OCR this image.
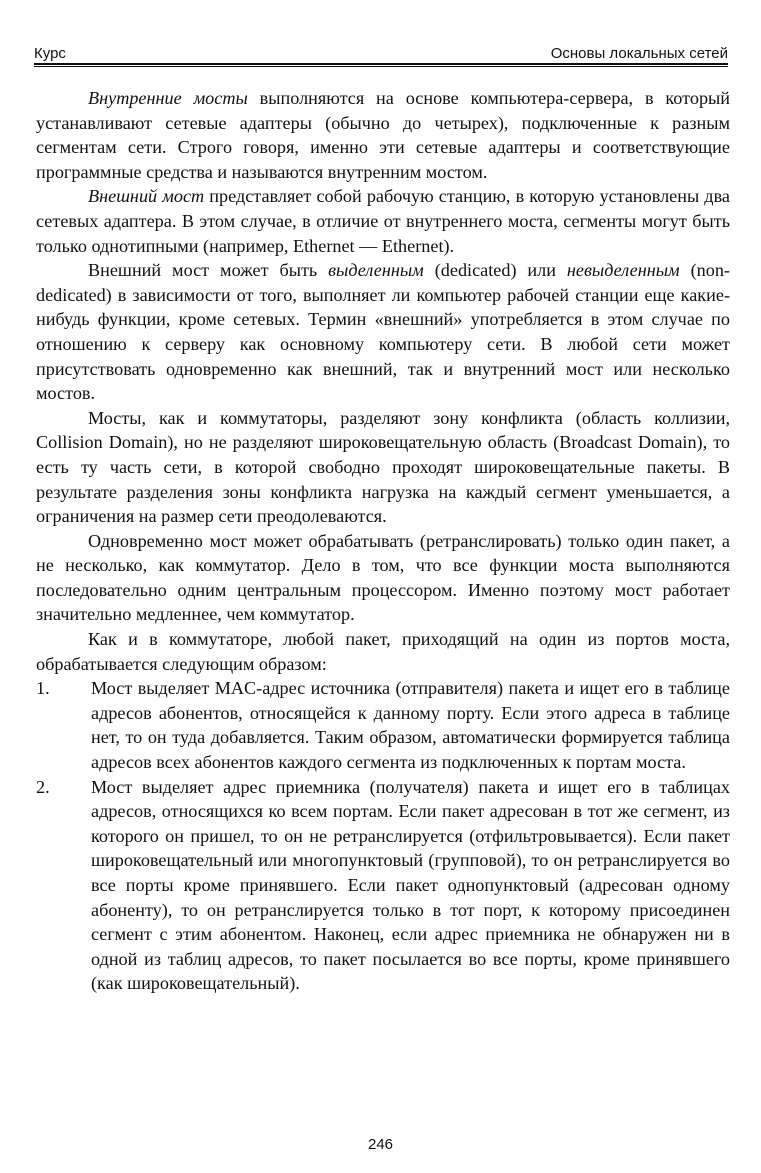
Курс	Основы локальных сетей

Внутренние мосты выполняются на основе компьютера-сервера, в который устанавливают сетевые адаптеры (обычно до четырех), подключенные к разным сегментам сети. Строго говоря, именно эти сетевые адаптеры и соответствующие программные средства и называются внутренним мостом.

Внешний мост представляет собой рабочую станцию, в которую установлены два сетевых адаптера. В этом случае, в отличие от внутреннего моста, сегменты могут быть только однотипными (например, Ethernet — Ethernet).

Внешний мост может быть выделенным (dedicated) или невыделенным (non-dedicated) в зависимости от того, выполняет ли компьютер рабочей станции еще какие-нибудь функции, кроме сетевых. Термин «внешний» употребляется в этом случае по отношению к серверу как основному компьютеру сети. В любой сети может присутствовать одновременно как внешний, так и внутренний мост или несколько мостов.

Мосты, как и коммутаторы, разделяют зону конфликта (область коллизии, Collision Domain), но не разделяют широковещательную область (Broadcast Domain), то есть ту часть сети, в которой свободно проходят широковещательные пакеты. В результате разделения зоны конфликта нагрузка на каждый сегмент уменьшается, а ограничения на размер сети преодолеваются.

Одновременно мост может обрабатывать (ретранслировать) только один пакет, а не несколько, как коммутатор. Дело в том, что все функции моста выполняются последовательно одним центральным процессором. Именно поэтому мост работает значительно медленнее, чем коммутатор.

Как и в коммутаторе, любой пакет, приходящий на один из портов моста, обрабатывается следующим образом:

1. Мост выделяет MAC-адрес источника (отправителя) пакета и ищет его в таблице адресов абонентов, относящейся к данному порту. Если этого адреса в таблице нет, то он туда добавляется. Таким образом, автоматически формируется таблица адресов всех абонентов каждого сегмента из подключенных к портам моста.
2. Мост выделяет адрес приемника (получателя) пакета и ищет его в таблицах адресов, относящихся ко всем портам. Если пакет адресован в тот же сегмент, из которого он пришел, то он не ретранслируется (отфильтровывается). Если пакет широковещательный или многопунктовый (групповой), то он ретранслируется во все порты кроме принявшего. Если пакет однопунктовый (адресован одному абоненту), то он ретранслируется только в тот порт, к которому присоединен сегмент с этим абонентом. Наконец, если адрес приемника не обнаружен ни в одной из таблиц адресов, то пакет посылается во все порты, кроме принявшего (как широковещательный).
246
